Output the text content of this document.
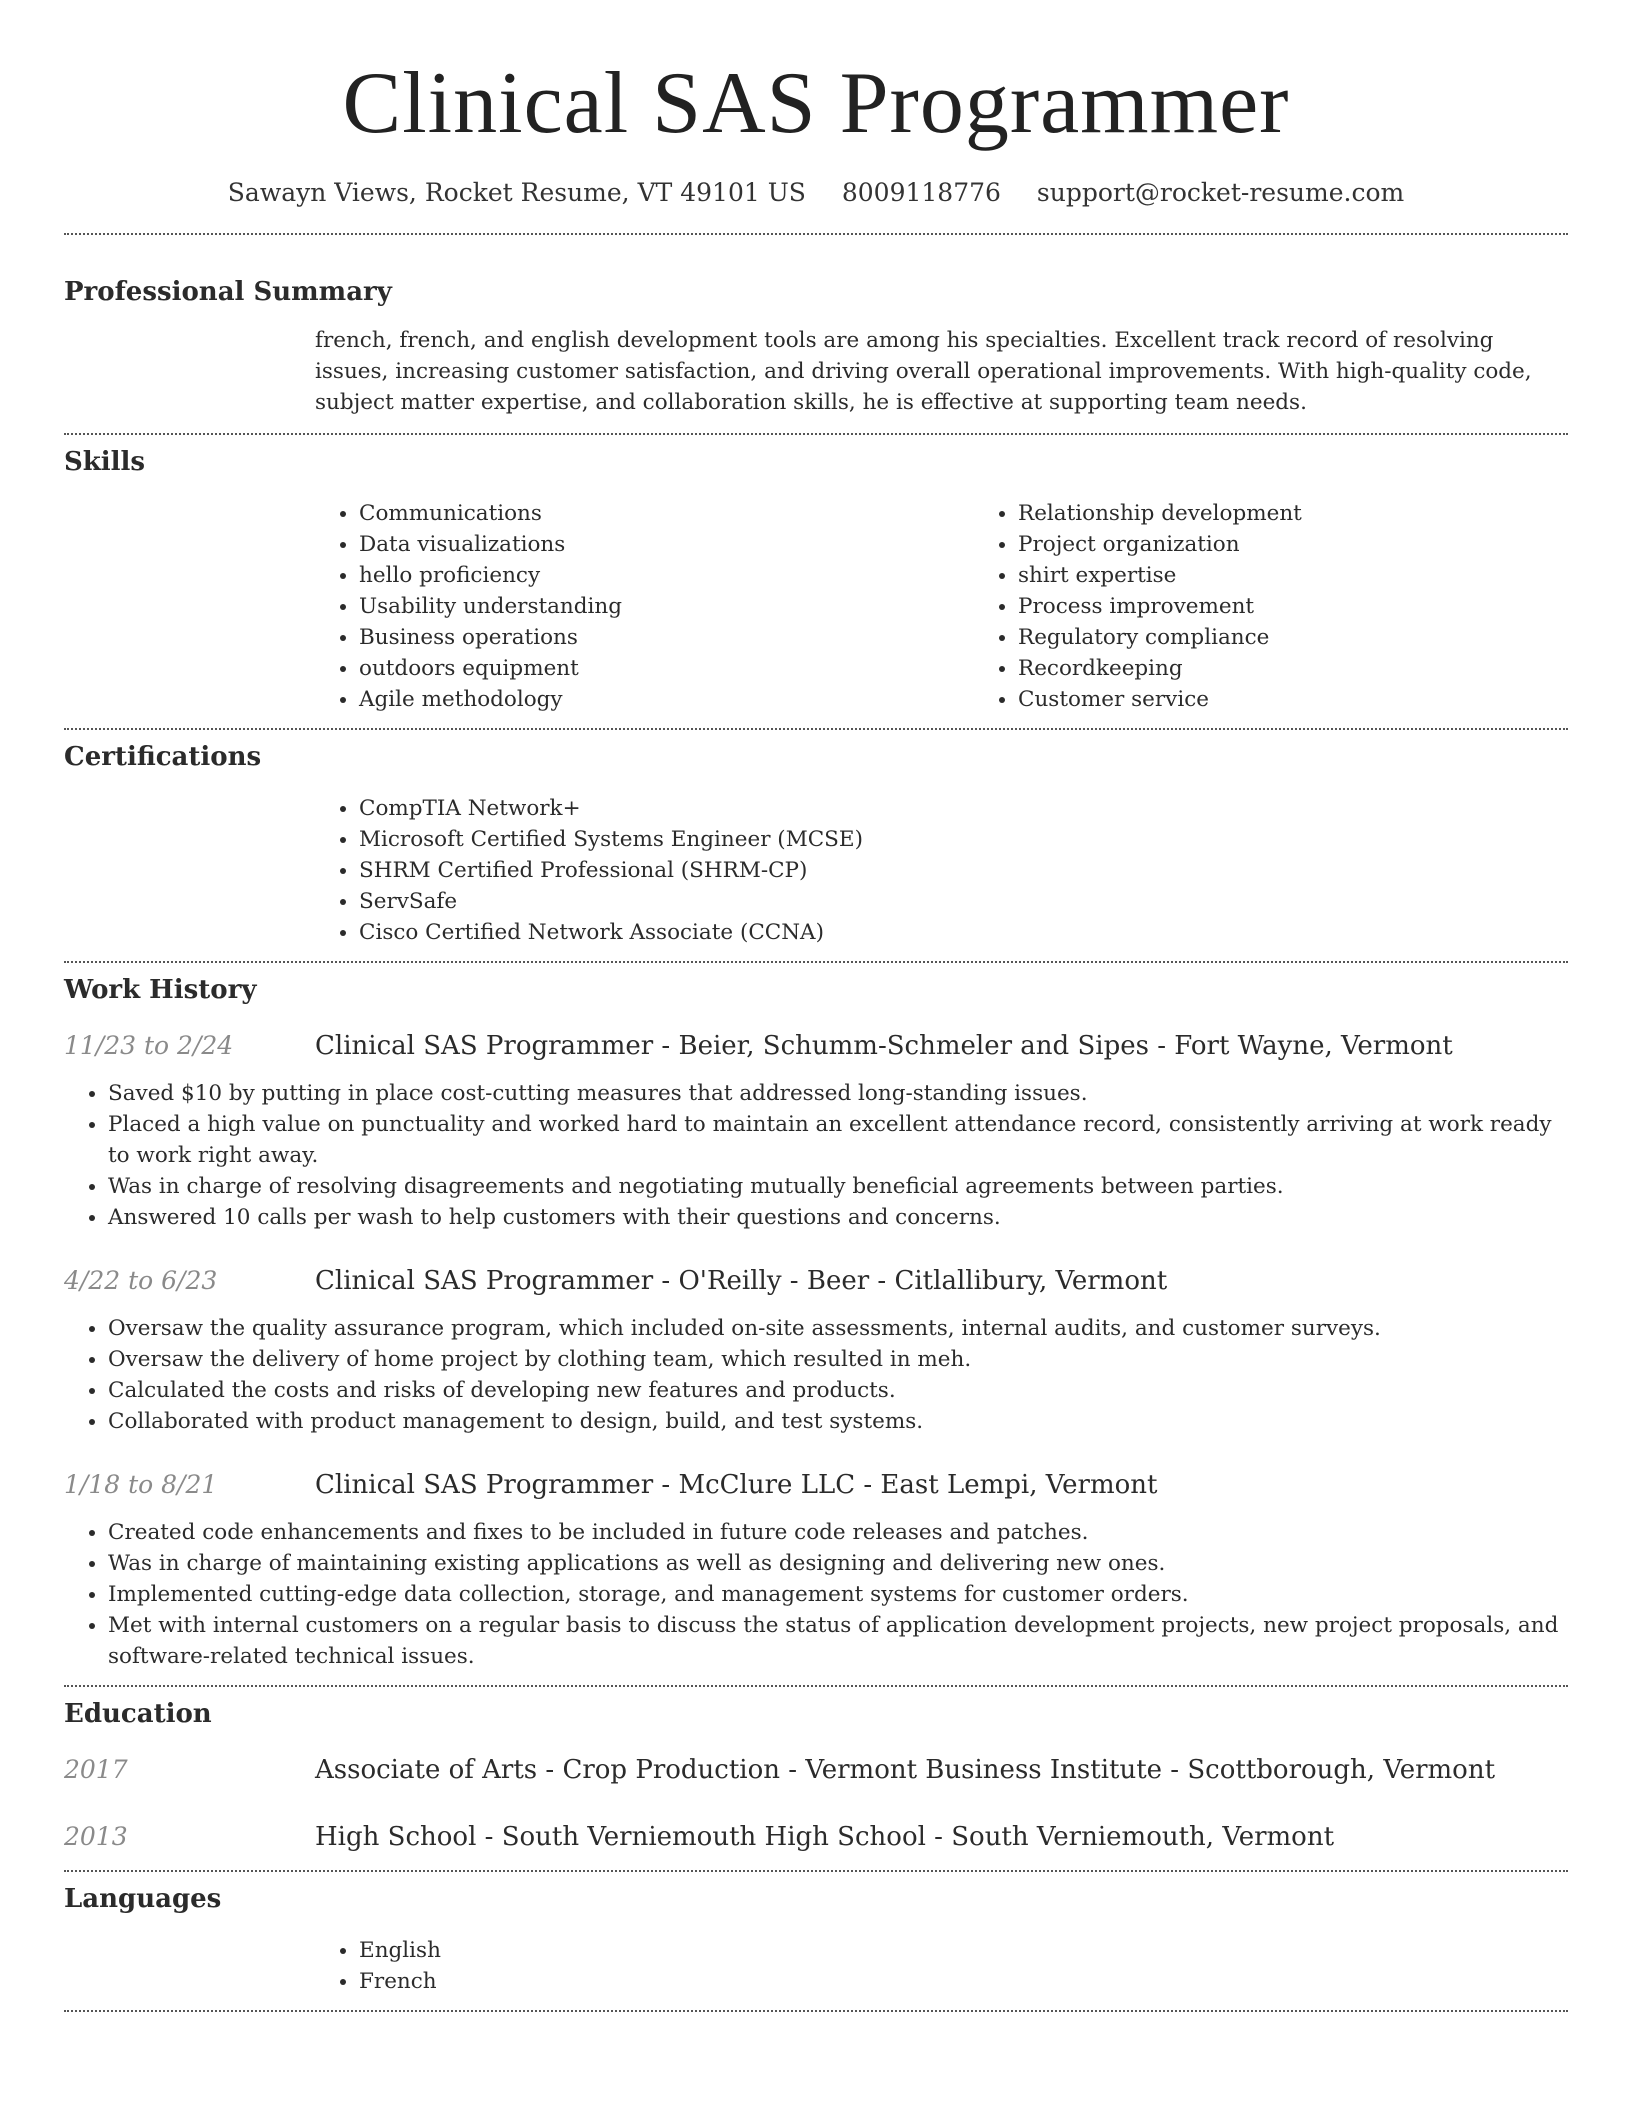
Clinical SAS Programmer
Sawayn Views, Rocket Resume, VT 49101 US 8009118776 support@rocket-resume.com
Professional Summary
french, french, and english development tools are among his specialties. Excellent track record of resolving issues, increasing customer satisfaction, and driving overall operational improvements. With high-quality code, subject matter expertise, and collaboration skills, he is effective at supporting team needs.
Skills
• Communications
• Data visualizations
• hello proficiency
• Usability understanding
• Business operations
• outdoors equipment
• Agile methodology
• Relationship development
• Project organization
• shirt expertise
• Process improvement
• Regulatory compliance
• Recordkeeping
• Customer service
Certifications
• CompTIA Network+
• Microsoft Certified Systems Engineer (MCSE)
• SHRM Certified Professional (SHRM-CP)
• ServSafe
• Cisco Certified Network Associate (CCNA)
Work History
11/23 to 2/24	Clinical SAS Programmer - Beier, Schumm-Schmeler and Sipes - Fort Wayne, Vermont
• Saved $10 by putting in place cost-cutting measures that addressed long-standing issues.
• Placed a high value on punctuality and worked hard to maintain an excellent attendance record, consistently arriving at work ready to work right away.
• Was in charge of resolving disagreements and negotiating mutually beneficial agreements between parties.
• Answered 10 calls per wash to help customers with their questions and concerns.
4/22 to 6/23	Clinical SAS Programmer - O'Reilly - Beer - Citlallibury, Vermont
• Oversaw the quality assurance program, which included on-site assessments, internal audits, and customer surveys.
• Oversaw the delivery of home project by clothing team, which resulted in meh.
• Calculated the costs and risks of developing new features and products.
• Collaborated with product management to design, build, and test systems.
1/18 to 8/21	Clinical SAS Programmer - McClure LLC - East Lempi, Vermont
• Created code enhancements and fixes to be included in future code releases and patches.
• Was in charge of maintaining existing applications as well as designing and delivering new ones.
• Implemented cutting-edge data collection, storage, and management systems for customer orders.
• Met with internal customers on a regular basis to discuss the status of application development projects, new project proposals, and software-related technical issues.
Education
2017	Associate of Arts - Crop Production - Vermont Business Institute - Scottborough, Vermont
2013	High School - South Verniemouth High School - South Verniemouth, Vermont
Languages
• English
• French
